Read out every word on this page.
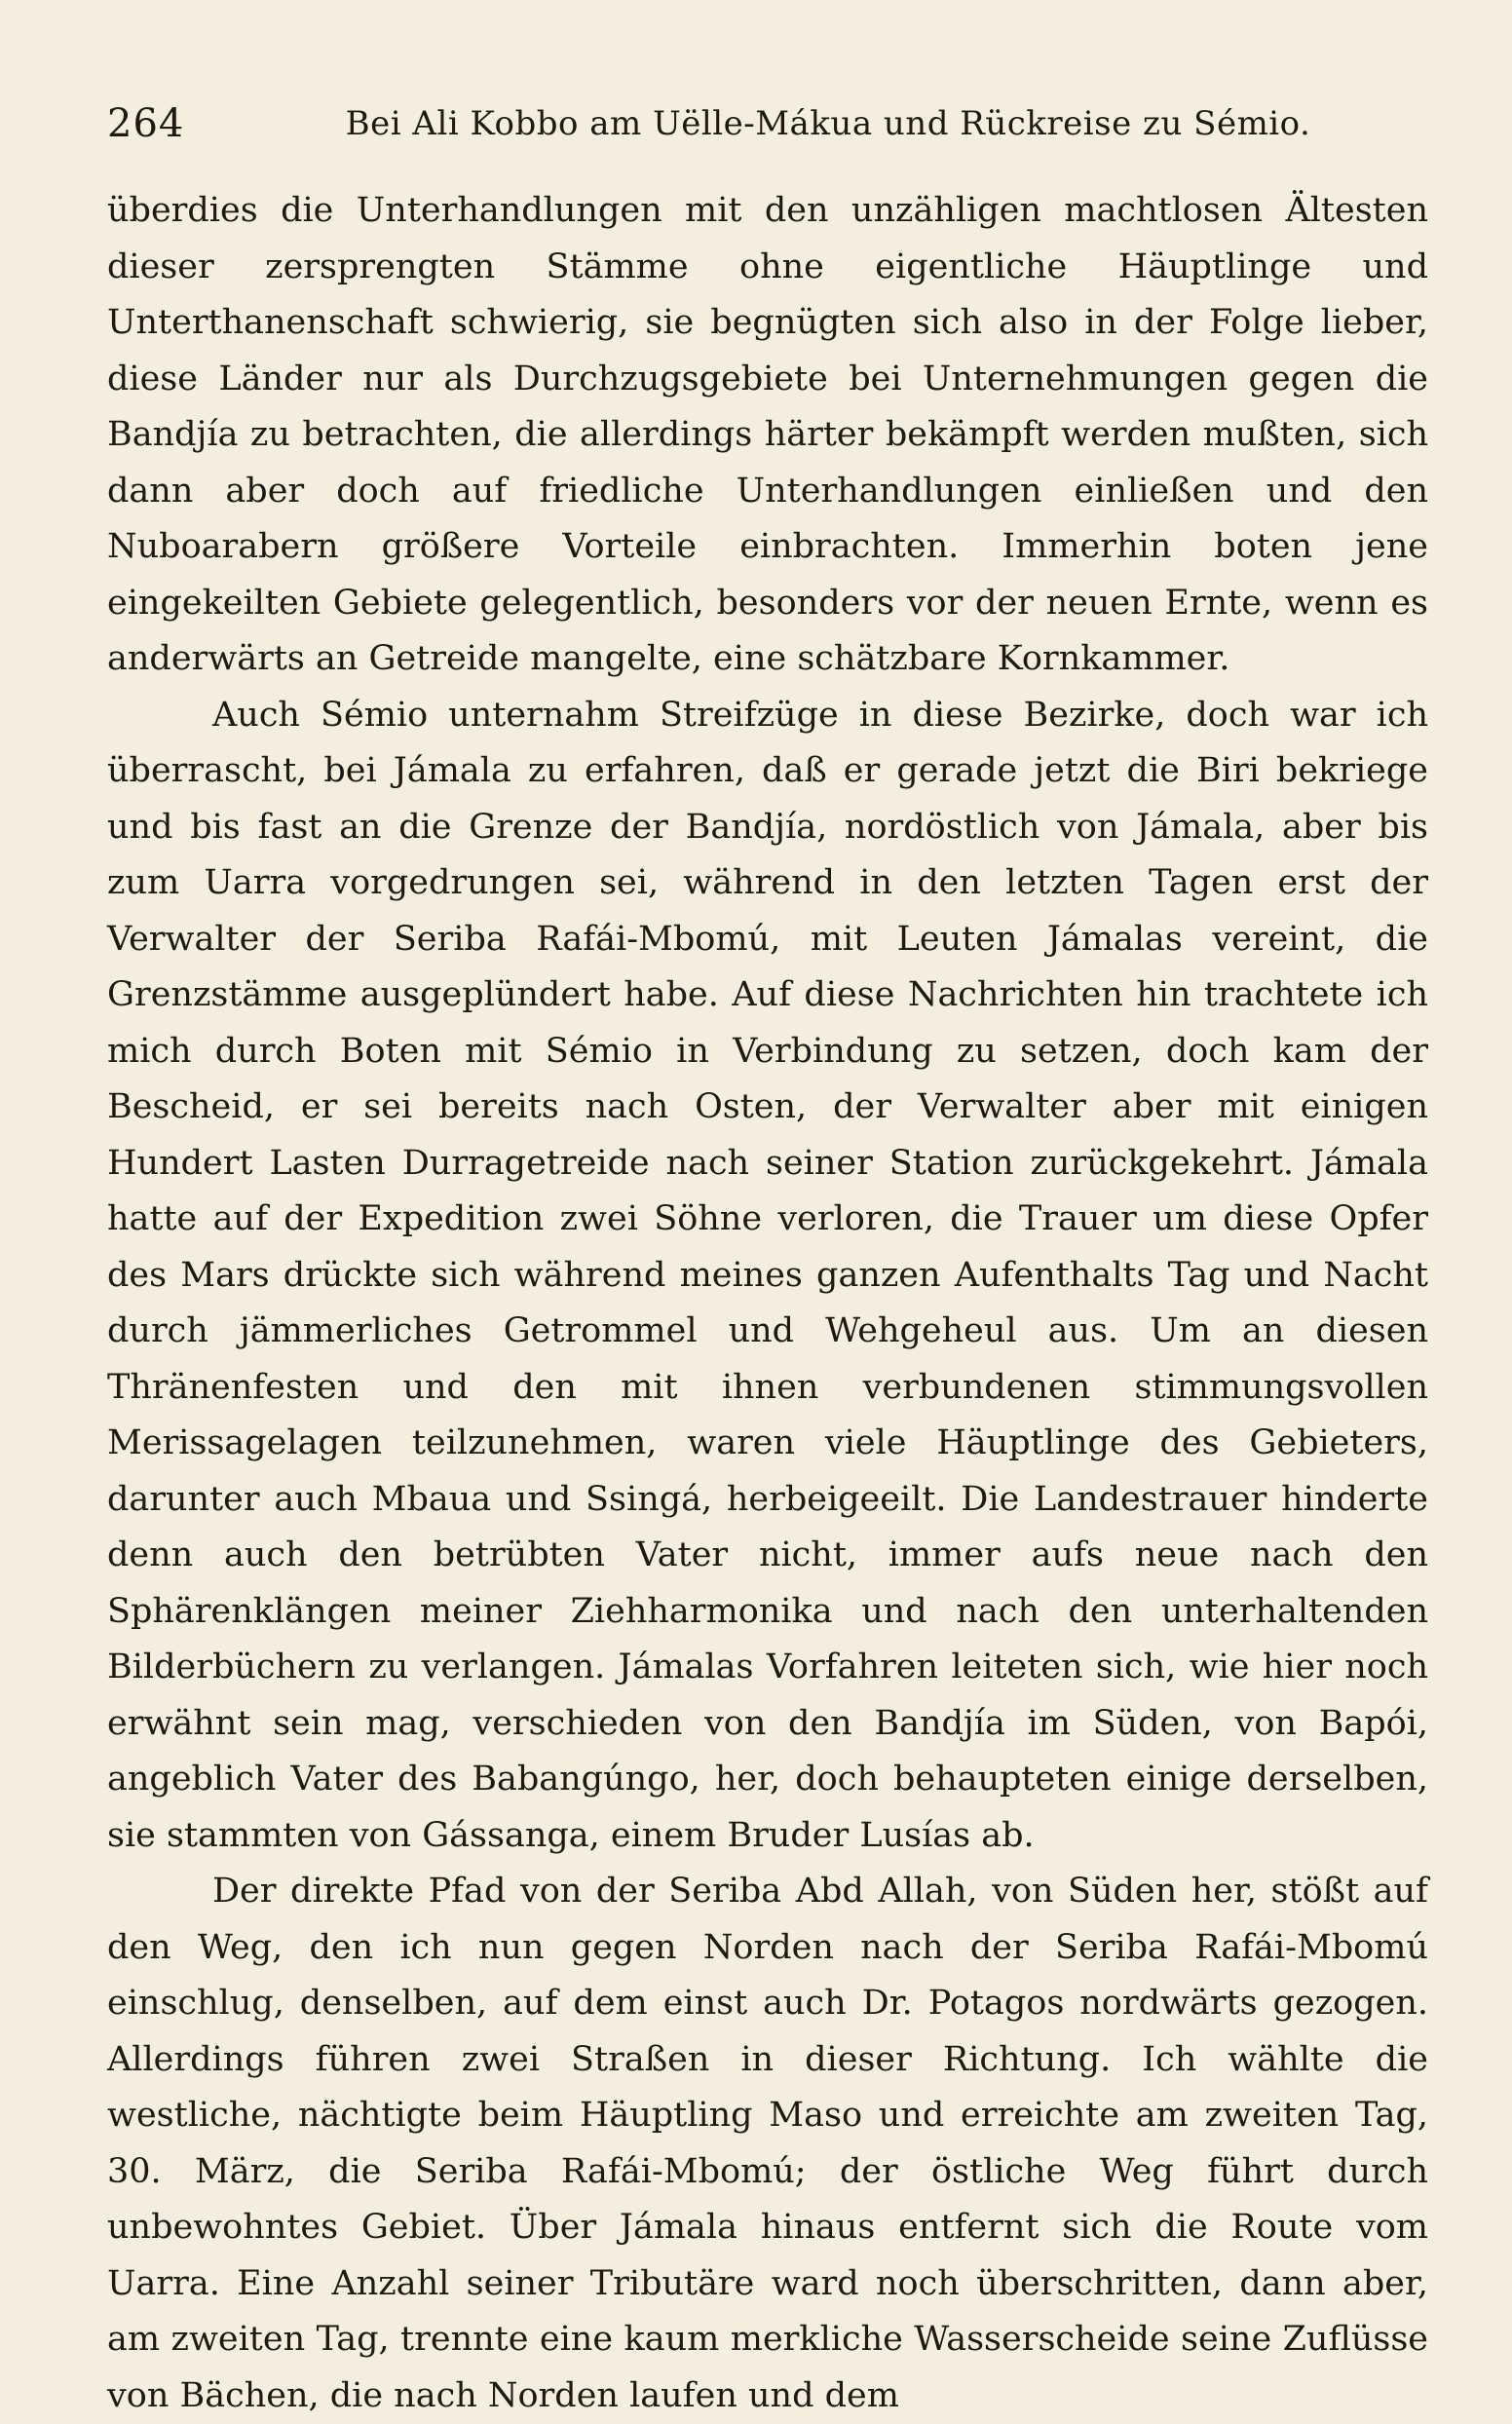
264	Bei Ali Kobbo am Uëlle-Mákua und Rückreise zu Sémio.

überdies die Unterhandlungen mit den unzähligen machtlosen Ältesten dieser zersprengten Stämme ohne eigentliche Häuptlinge und Unterthanenschaft schwierig, sie begnügten sich also in der Folge lieber, diese Länder nur als Durchzugsgebiete bei Unternehmungen gegen die Bandjía zu betrachten, die allerdings härter bekämpft werden mußten, sich dann aber doch auf friedliche Unterhandlungen einließen und den Nuboarabern größere Vorteile einbrachten. Immerhin boten jene eingekeilten Gebiete gelegentlich, besonders vor der neuen Ernte, wenn es anderwärts an Getreide mangelte, eine schätzbare Kornkammer.

Auch Sémio unternahm Streifzüge in diese Bezirke, doch war ich überrascht, bei Jámala zu erfahren, daß er gerade jetzt die Biri bekriege und bis fast an die Grenze der Bandjía, nordöstlich von Jámala, aber bis zum Uarra vorgedrungen sei, während in den letzten Tagen erst der Verwalter der Seriba Rafái-Mbomú, mit Leuten Jámalas vereint, die Grenzstämme ausgeplündert habe. Auf diese Nachrichten hin trachtete ich mich durch Boten mit Sémio in Verbindung zu setzen, doch kam der Bescheid, er sei bereits nach Osten, der Verwalter aber mit einigen Hundert Lasten Durragetreide nach seiner Station zurückgekehrt. Jámala hatte auf der Expedition zwei Söhne verloren, die Trauer um diese Opfer des Mars drückte sich während meines ganzen Aufenthalts Tag und Nacht durch jämmerliches Getrommel und Wehgeheul aus. Um an diesen Thränenfesten und den mit ihnen verbundenen stimmungsvollen Merissagelagen teilzunehmen, waren viele Häuptlinge des Gebieters, darunter auch Mbaua und Ssingá, herbeigeeilt. Die Landestrauer hinderte denn auch den betrübten Vater nicht, immer aufs neue nach den Sphärenklängen meiner Ziehharmonika und nach den unterhaltenden Bilderbüchern zu verlangen. Jámalas Vorfahren leiteten sich, wie hier noch erwähnt sein mag, verschieden von den Bandjía im Süden, von Bapói, angeblich Vater des Babangúngo, her, doch behaupteten einige derselben, sie stammten von Gássanga, einem Bruder Lusías ab.

Der direkte Pfad von der Seriba Abd Allah, von Süden her, stößt auf den Weg, den ich nun gegen Norden nach der Seriba Rafái-Mbomú einschlug, denselben, auf dem einst auch Dr. Potagos nordwärts gezogen. Allerdings führen zwei Straßen in dieser Richtung. Ich wählte die westliche, nächtigte beim Häuptling Maso und erreichte am zweiten Tag, 30. März, die Seriba Rafái-Mbomú; der östliche Weg führt durch unbewohntes Gebiet. Über Jámala hinaus entfernt sich die Route vom Uarra. Eine Anzahl seiner Tributäre ward noch überschritten, dann aber, am zweiten Tag, trennte eine kaum merkliche Wasserscheide seine Zuflüsse von Bächen, die nach Norden laufen und dem
